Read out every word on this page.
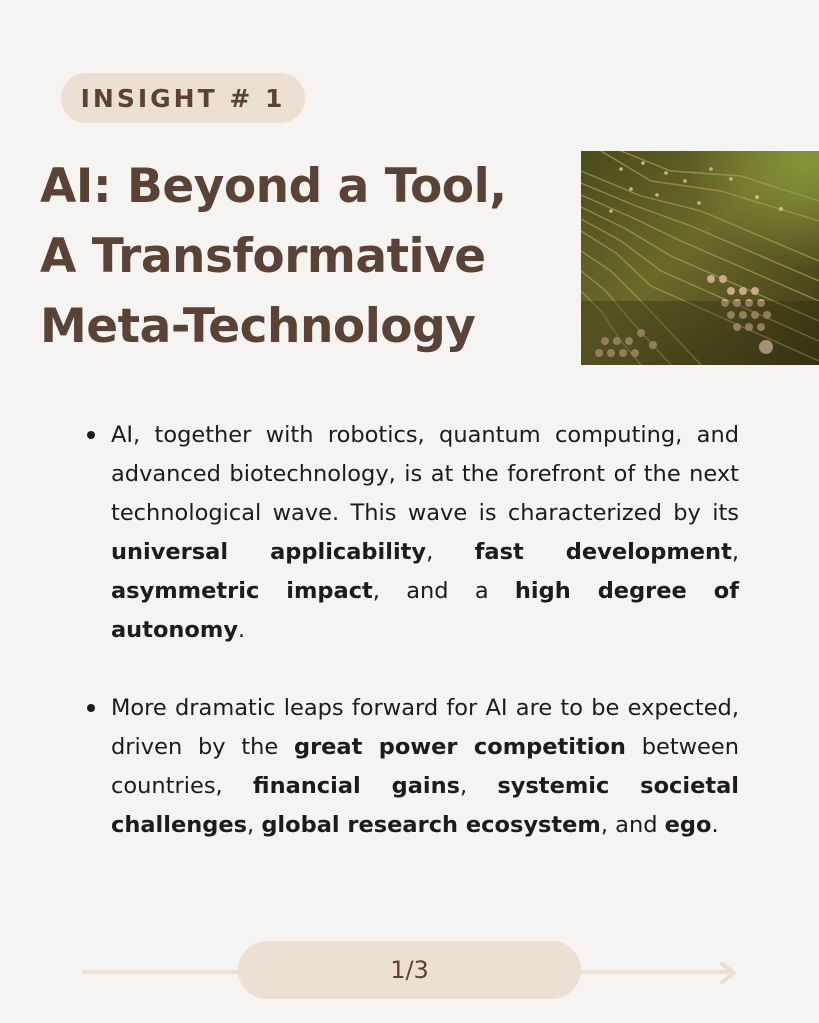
INSIGHT # 1
AI: Beyond a Tool,
A Transformative
Meta-Technology
AI, together with robotics, quantum computing, and advanced biotechnology, is at the forefront of the next technological wave. This wave is characterized by its universal applicability, fast development, asymmetric impact, and a high degree of autonomy.
More dramatic leaps forward for AI are to be expected, driven by the great power competition between countries, financial gains, systemic societal challenges, global research ecosystem, and ego.
1/3
